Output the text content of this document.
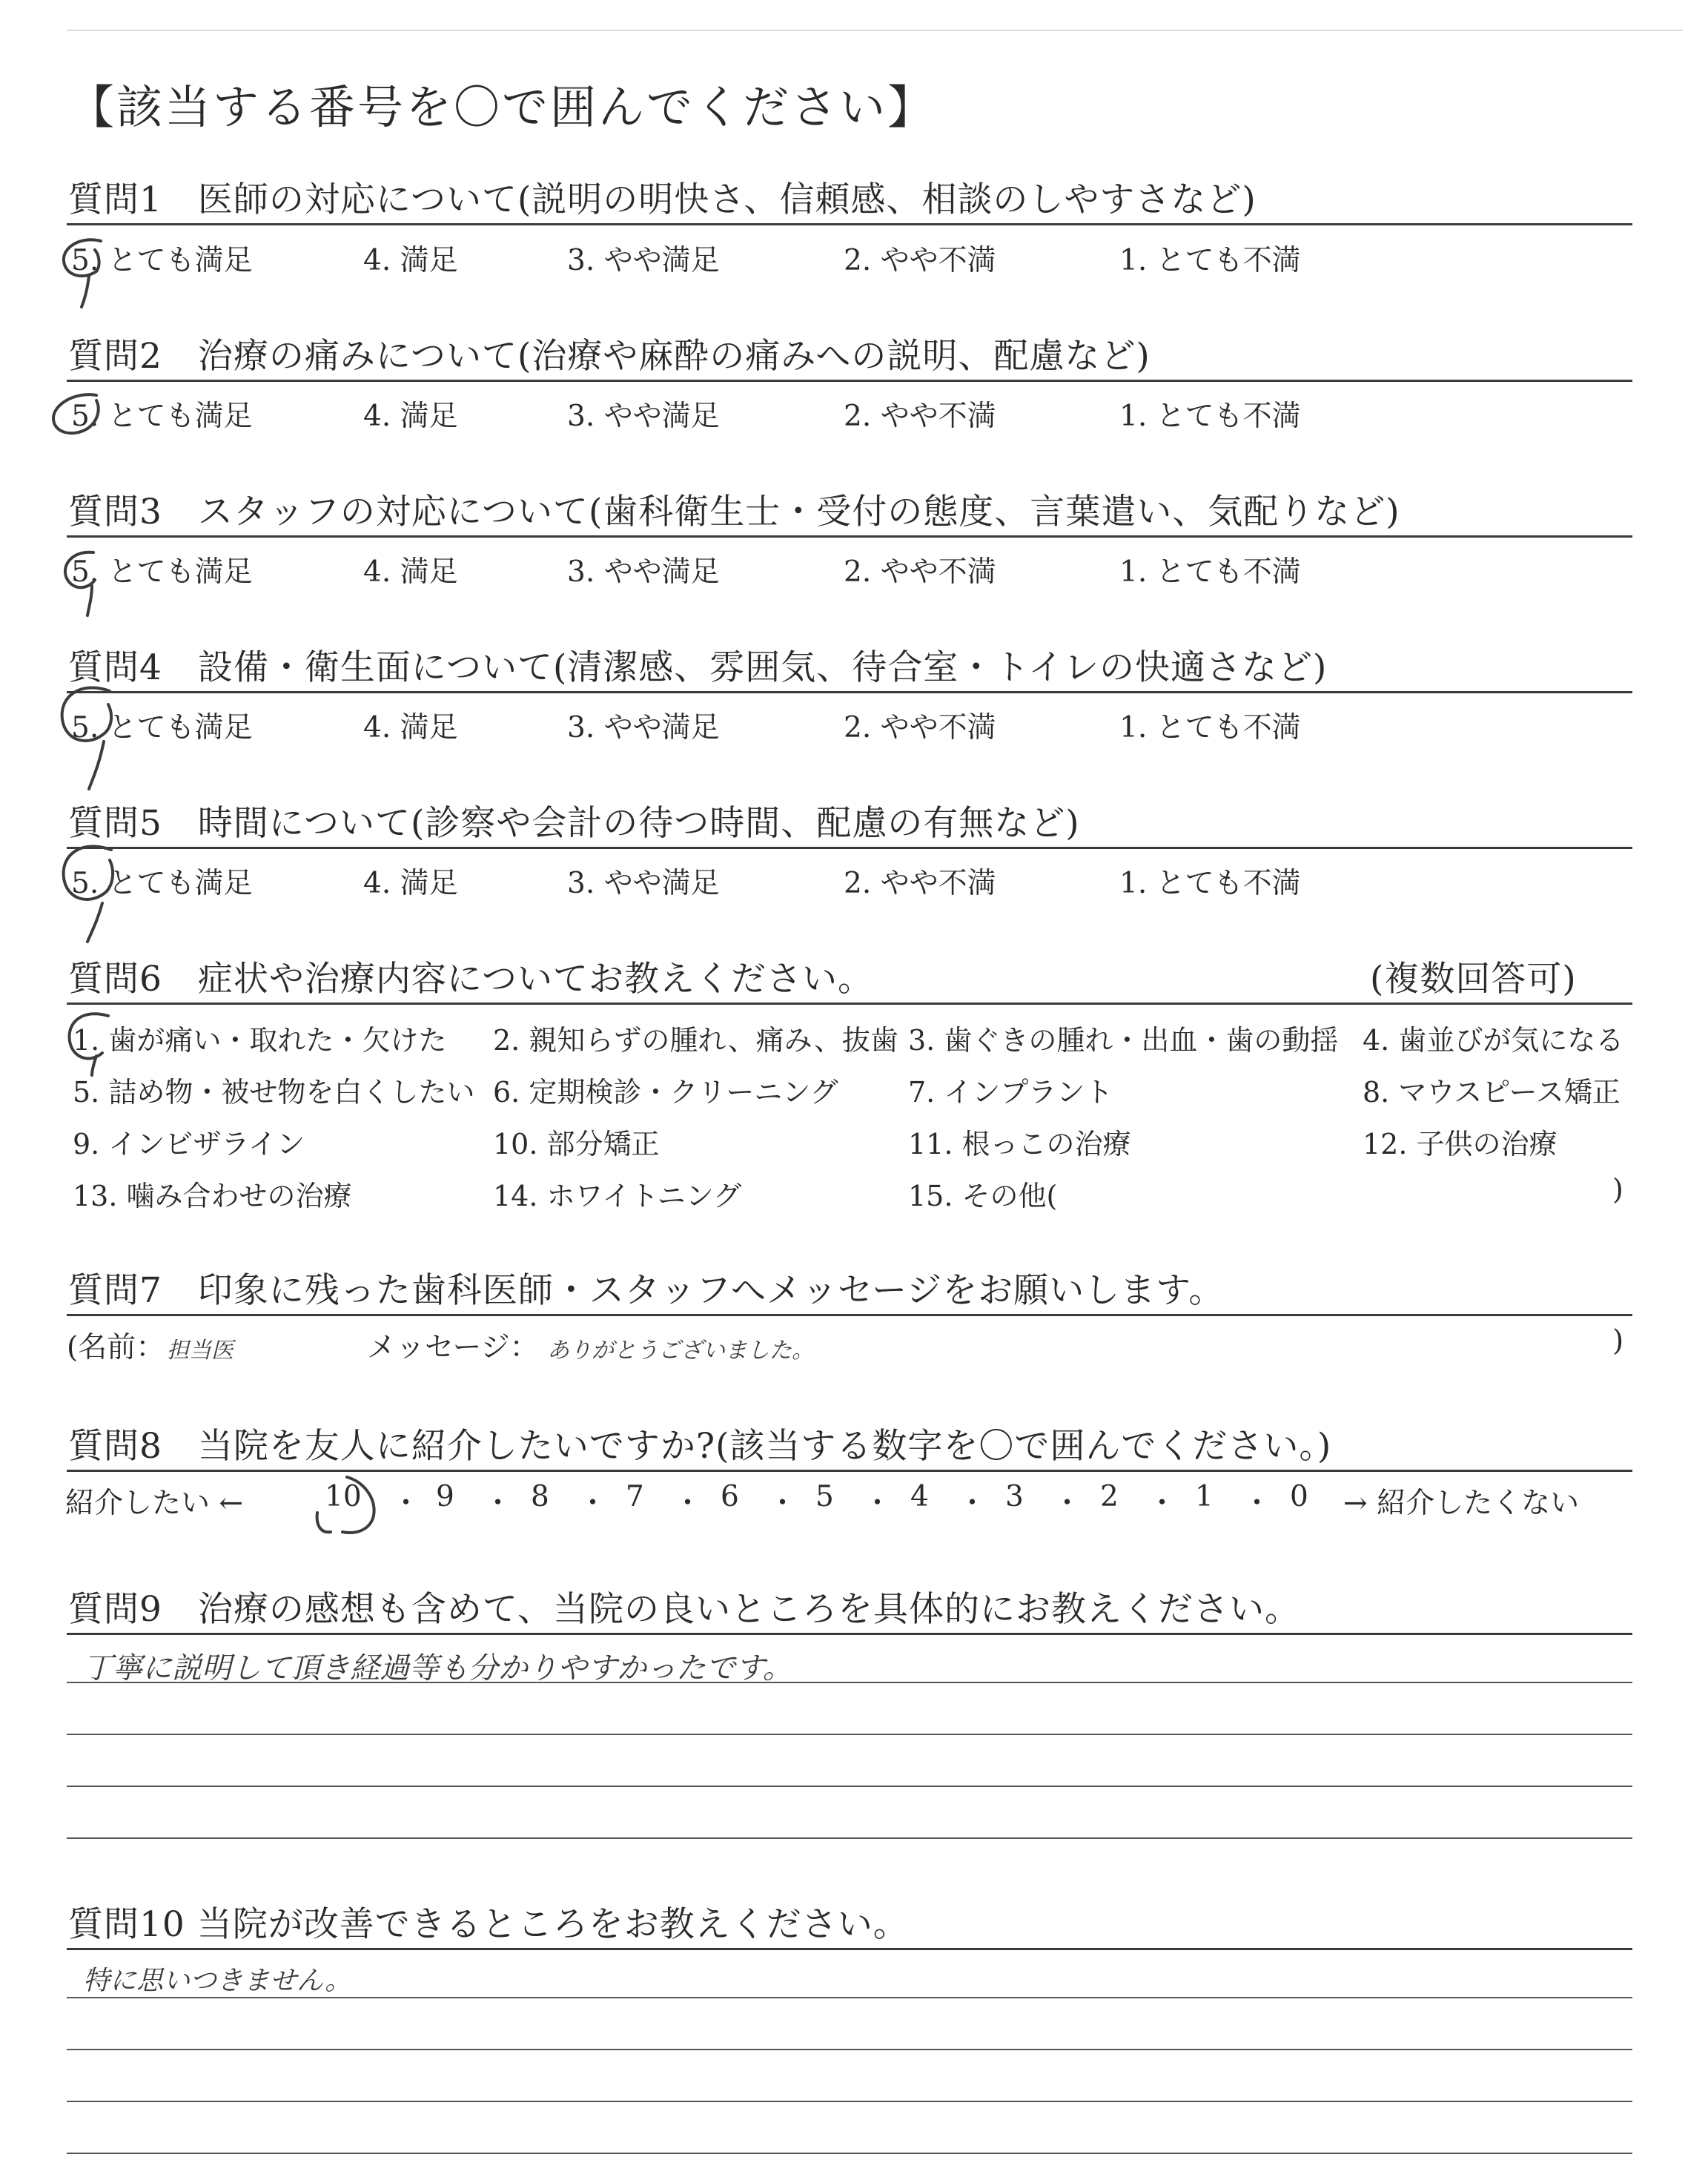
【該当する番号を〇で囲んでください】
質問1　医師の対応について(説明の明快さ、信頼感、相談のしやすさなど)
5. とても満足	4. 満足	3. やや満足	2. やや不満	1. とても不満
質問2　治療の痛みについて(治療や麻酔の痛みへの説明、配慮など)
5. とても満足	4. 満足	3. やや満足	2. やや不満	1. とても不満
質問3　スタッフの対応について(歯科衛生士・受付の態度、言葉遣い、気配りなど)
5. とても満足	4. 満足	3. やや満足	2. やや不満	1. とても不満
質問4　設備・衛生面について(清潔感、雰囲気、待合室・トイレの快適さなど)
5. とても満足	4. 満足	3. やや満足	2. やや不満	1. とても不満
質問5　時間について(診察や会計の待つ時間、配慮の有無など)
5. とても満足	4. 満足	3. やや満足	2. やや不満	1. とても不満
質問6　症状や治療内容についてお教えください。	(複数回答可)
1. 歯が痛い・取れた・欠けた 2. 親知らずの腫れ、痛み、抜歯 3. 歯ぐきの腫れ・出血・歯の動揺 4. 歯並びが気になる
5. 詰め物・被せ物を白くしたい 6. 定期検診・クリーニング 7. インプラント	8. マウスピース矯正
9. インビザライン	10. 部分矯正	11. 根っこの治療	12. 子供の治療
13. 噛み合わせの治療	14. ホワイトニング	15. その他(	)
質問7　印象に残った歯科医師・スタッフへメッセージをお願いします。
(名前： 担当医	メッセージ： ありがとうございました。	)
質問8　当院を友人に紹介したいですか?(該当する数字を〇で囲んでください。)
紹介したい ←	→ 紹介したくない
10 ・ 9 ・ 8 ・ 7 ・ 6 ・ 5 ・ 4 ・ 3 ・ 2 ・ 1 ・ 0
質問9　治療の感想も含めて、当院の良いところを具体的にお教えください。
丁寧に説明して頂き経過等も分かりやすかったです。
質問10 当院が改善できるところをお教えください。
特に思いつきません。
